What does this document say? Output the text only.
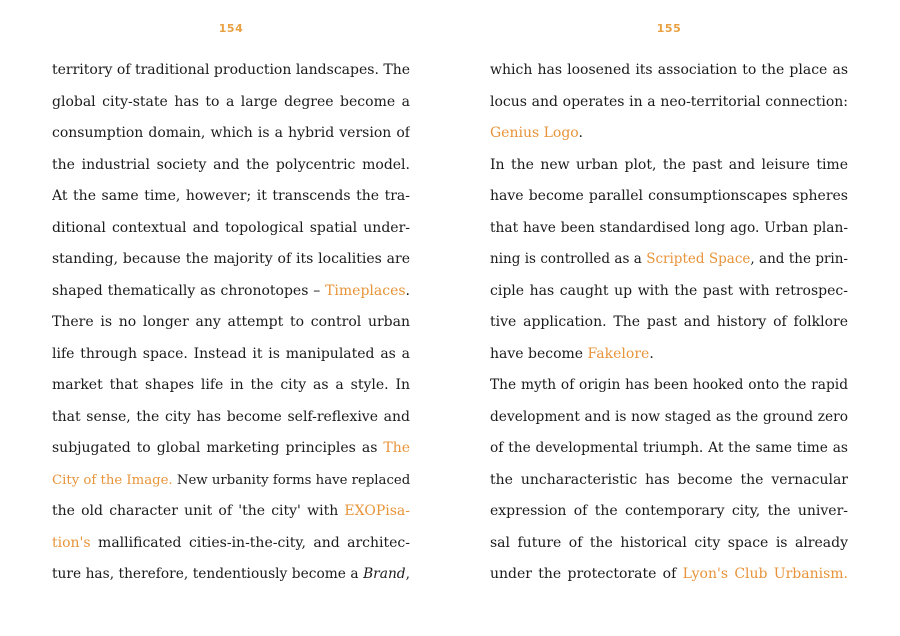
154
territory of traditional production landscapes. The
global city-state has to a large degree become a
consumption domain, which is a hybrid version of
the industrial society and the polycentric model.
At the same time, however; it transcends the tra-
ditional contextual and topological spatial under-
standing, because the majority of its localities are
shaped thematically as chronotopes – Timeplaces.
There is no longer any attempt to control urban
life through space. Instead it is manipulated as a
market that shapes life in the city as a style. In
that sense, the city has become self-reflexive and
subjugated to global marketing principles as The
City of the Image. New urbanity forms have replaced
the old character unit of 'the city' with EXOPisa-
tion's mallificated cities-in-the-city, and architec-
ture has, therefore, tendentiously become a Brand,
155
which has loosened its association to the place as
locus and operates in a neo-territorial connection:
Genius Logo.
In the new urban plot, the past and leisure time
have become parallel consumptionscapes spheres
that have been standardised long ago. Urban plan-
ning is controlled as a Scripted Space, and the prin-
ciple has caught up with the past with retrospec-
tive application. The past and history of folklore
have become Fakelore.
The myth of origin has been hooked onto the rapid
development and is now staged as the ground zero
of the developmental triumph. At the same time as
the uncharacteristic has become the vernacular
expression of the contemporary city, the univer-
sal future of the historical city space is already
under the protectorate of Lyon's Club Urbanism.
